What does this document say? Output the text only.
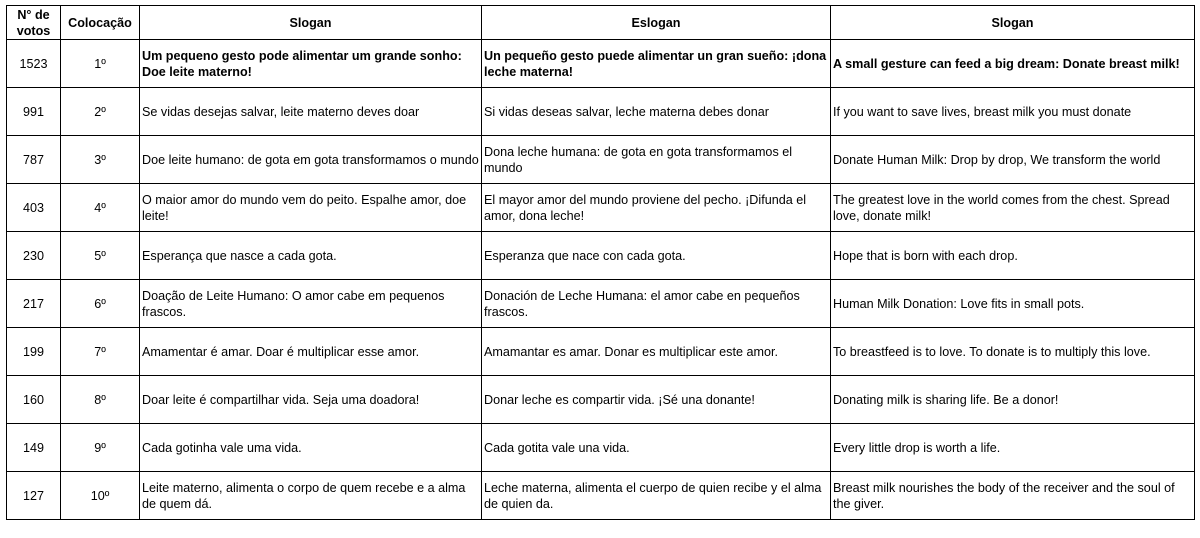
N° de votos	Colocação	Slogan	Eslogan	Slogan
1523	1º	Um pequeno gesto pode alimentar um grande sonho: Doe leite materno!	Un pequeño gesto puede alimentar un gran sueño: ¡dona leche materna!	A small gesture can feed a big dream: Donate breast milk!
991	2º	Se vidas desejas salvar, leite materno deves doar	Si vidas deseas salvar, leche materna debes donar	If you want to save lives, breast milk you must donate
787	3º	Doe leite humano: de gota em gota transformamos o mundo	Dona leche humana: de gota en gota transformamos el mundo	Donate Human Milk: Drop by drop, We transform the world
403	4º	O maior amor do mundo vem do peito. Espalhe amor, doe leite!	El mayor amor del mundo proviene del pecho. ¡Difunda el amor, dona leche!	The greatest love in the world comes from the chest. Spread love, donate milk!
230	5º	Esperança que nasce a cada gota.	Esperanza que nace con cada gota.	Hope that is born with each drop.
217	6º	Doação de Leite Humano: O amor cabe em pequenos frascos.	Donación de Leche Humana: el amor cabe en pequeños frascos.	Human Milk Donation: Love fits in small pots.
199	7º	Amamentar é amar. Doar é multiplicar esse amor.	Amamantar es amar. Donar es multiplicar este amor.	To breastfeed is to love. To donate is to multiply this love.
160	8º	Doar leite é compartilhar vida. Seja uma doadora!	Donar leche es compartir vida. ¡Sé una donante!	Donating milk is sharing life. Be a donor!
149	9º	Cada gotinha vale uma vida.	Cada gotita vale una vida.	Every little drop is worth a life.
127	10º	Leite materno, alimenta o corpo de quem recebe e a alma de quem dá.	Leche materna, alimenta el cuerpo de quien recibe y el alma de quien da.	Breast milk nourishes the body of the receiver and the soul of the giver.
